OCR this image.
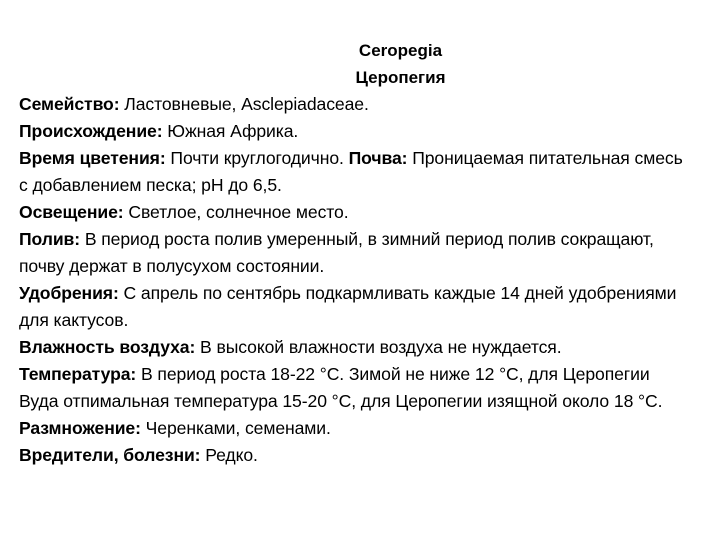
Ceropegia
Церопегия

Семейство: Ластовневые, Asclepiadaceae.

Происхождение: Южная Африка.

Время цветения: Почти круглогодично. Почва: Проницаемая питательная смесь с добавлением песка; pH до 6,5.

Освещение: Светлое, солнечное место.

Полив: В период роста полив умеренный, в зимний период полив сокращают, почву держат в полусухом состоянии.

Удобрения: С апрель по сентябрь подкармливать каждые 14 дней удобрениями для кактусов.

Влажность воздуха: В высокой влажности воздуха не нуждается.

Температура: В период роста 18-22 °С. Зимой не ниже 12 °С, для Церопегии Вуда отпимальная температура 15-20 °С, для Церопегии изящной около 18 °С.

Размножение: Черенками, семенами.

Вредители, болезни: Редко.
